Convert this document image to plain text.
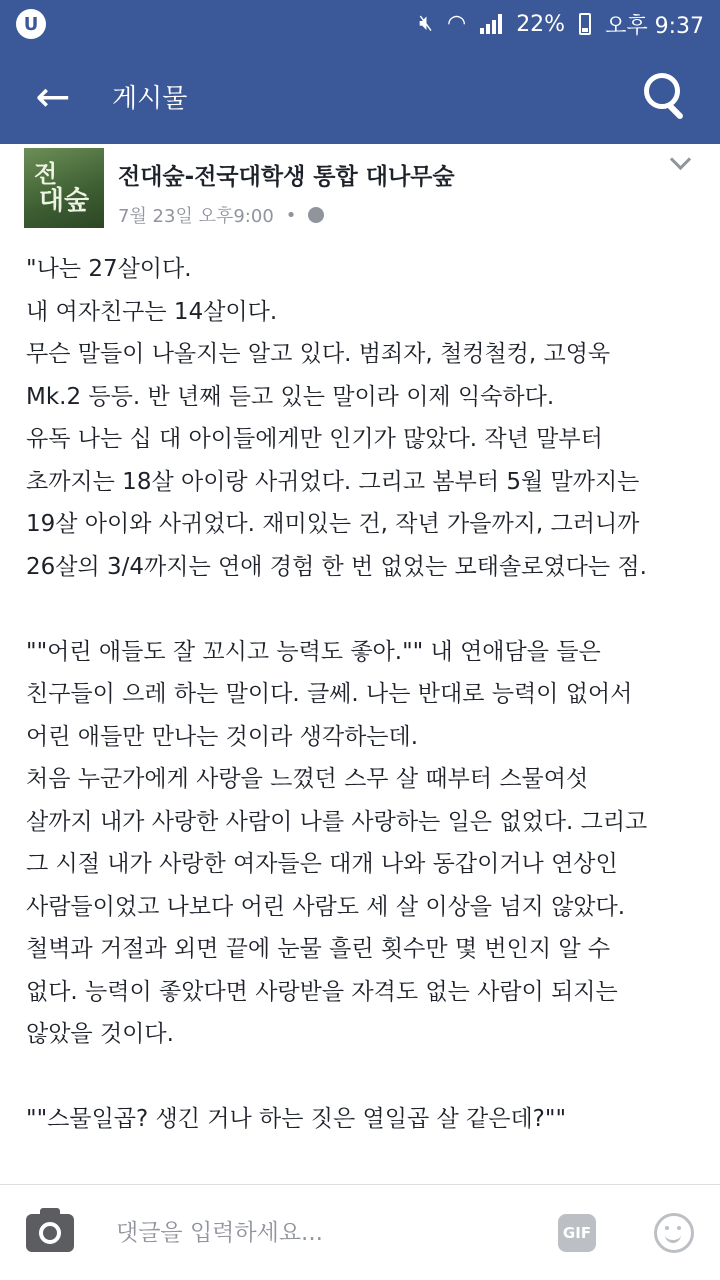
U	🔇︎ ◠ 22% 오후 9:37
← 게시물
전
대숲
전대숲-전국대학생 통합 대나무숲
7월 23일 오후9:00 •

"나는 27살이다.

내 여자친구는 14살이다.

무슨 말들이 나올지는 알고 있다. 범죄자, 철컹철컹, 고영욱

Mk.2 등등. 반 년째 듣고 있는 말이라 이제 익숙하다.

유독 나는 십 대 아이들에게만 인기가 많았다. 작년 말부터

초까지는 18살 아이랑 사귀었다. 그리고 봄부터 5월 말까지는

19살 아이와 사귀었다. 재미있는 건, 작년 가을까지, 그러니까

26살의 3/4까지는 연애 경험 한 번 없었는 모태솔로였다는 점.

""어린 애들도 잘 꼬시고 능력도 좋아."" 내 연애담을 들은

친구들이 으레 하는 말이다. 글쎄. 나는 반대로 능력이 없어서

어린 애들만 만나는 것이라 생각하는데.

처음 누군가에게 사랑을 느꼈던 스무 살 때부터 스물여섯

살까지 내가 사랑한 사람이 나를 사랑하는 일은 없었다. 그리고

그 시절 내가 사랑한 여자들은 대개 나와 동갑이거나 연상인

사람들이었고 나보다 어린 사람도 세 살 이상을 넘지 않았다.

철벽과 거절과 외면 끝에 눈물 흘린 횟수만 몇 번인지 알 수

없다. 능력이 좋았다면 사랑받을 자격도 없는 사람이 되지는

않았을 것이다.

""스물일곱? 생긴 거나 하는 짓은 열일곱 살 같은데?""

댓글을 입력하세요...
GIF
